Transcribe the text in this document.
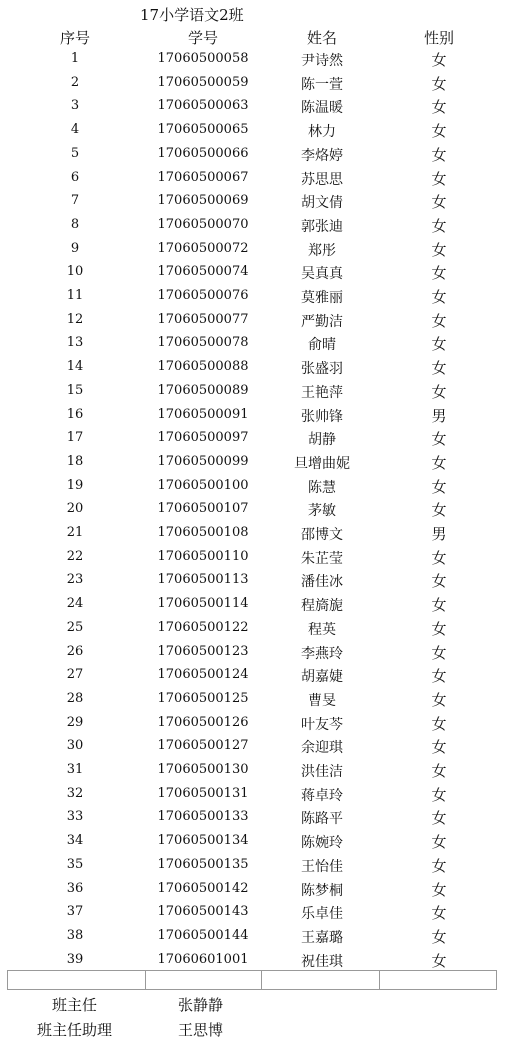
17小学语文2班
序号	学号	姓名	性别
1	17060500058	尹诗然	女
2	17060500059	陈一萱	女
3	17060500063	陈温暖	女
4	17060500065	林力	女
5	17060500066	李烙婷	女
6	17060500067	苏思思	女
7	17060500069	胡文倩	女
8	17060500070	郭张迪	女
9	17060500072	郑彤	女
10	17060500074	吴真真	女
11	17060500076	莫雅丽	女
12	17060500077	严勤洁	女
13	17060500078	俞晴	女
14	17060500088	张盛羽	女
15	17060500089	王艳萍	女
16	17060500091	张帅锋	男
17	17060500097	胡静	女
18	17060500099	旦增曲妮	女
19	17060500100	陈慧	女
20	17060500107	茅敏	女
21	17060500108	邵博文	男
22	17060500110	朱芷莹	女
23	17060500113	潘佳冰	女
24	17060500114	程旖旎	女
25	17060500122	程英	女
26	17060500123	李燕玲	女
27	17060500124	胡嘉婕	女
28	17060500125	曹旻	女
29	17060500126	叶友芩	女
30	17060500127	余迎琪	女
31	17060500130	洪佳洁	女
32	17060500131	蒋卓玲	女
33	17060500133	陈路平	女
34	17060500134	陈婉玲	女
35	17060500135	王怡佳	女
36	17060500142	陈梦桐	女
37	17060500143	乐卓佳	女
38	17060500144	王嘉璐	女
39	17060601001	祝佳琪	女
班主任	张静静
班主任助理	王思博
